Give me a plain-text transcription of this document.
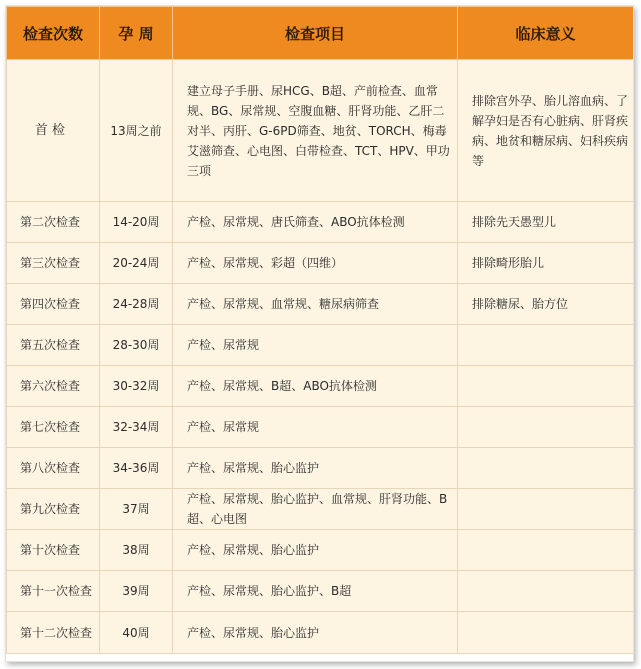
检查次数	孕 周	检查项目	临床意义
首 检	13周之前	建立母子手册、尿HCG、B超、产前检查、血常规、BG、尿常规、空腹血糖、肝肾功能、乙肝二对半、丙肝、G-6PD筛查、地贫、TORCH、梅毒艾滋筛查、心电图、白带检查、TCT、HPV、甲功三项	排除宫外孕、胎儿溶血病、了解孕妇是否有心脏病、肝肾疾病、地贫和糖尿病、妇科疾病等
第二次检查	14-20周	产检、尿常规、唐氏筛查、ABO抗体检测	排除先天愚型儿
第三次检查	20-24周	产检、尿常规、彩超（四维）	排除畸形胎儿
第四次检查	24-28周	产检、尿常规、血常规、糖尿病筛查	排除糖尿、胎方位
第五次检查	28-30周	产检、尿常规	
第六次检查	30-32周	产检、尿常规、B超、ABO抗体检测	
第七次检查	32-34周	产检、尿常规	
第八次检查	34-36周	产检、尿常规、胎心监护	
第九次检查	37周	产检、尿常规、胎心监护、血常规、肝肾功能、B超、心电图	
第十次检查	38周	产检、尿常规、胎心监护	
第十一次检查	39周	产检、尿常规、胎心监护、B超	
第十二次检查	40周	产检、尿常规、胎心监护	
